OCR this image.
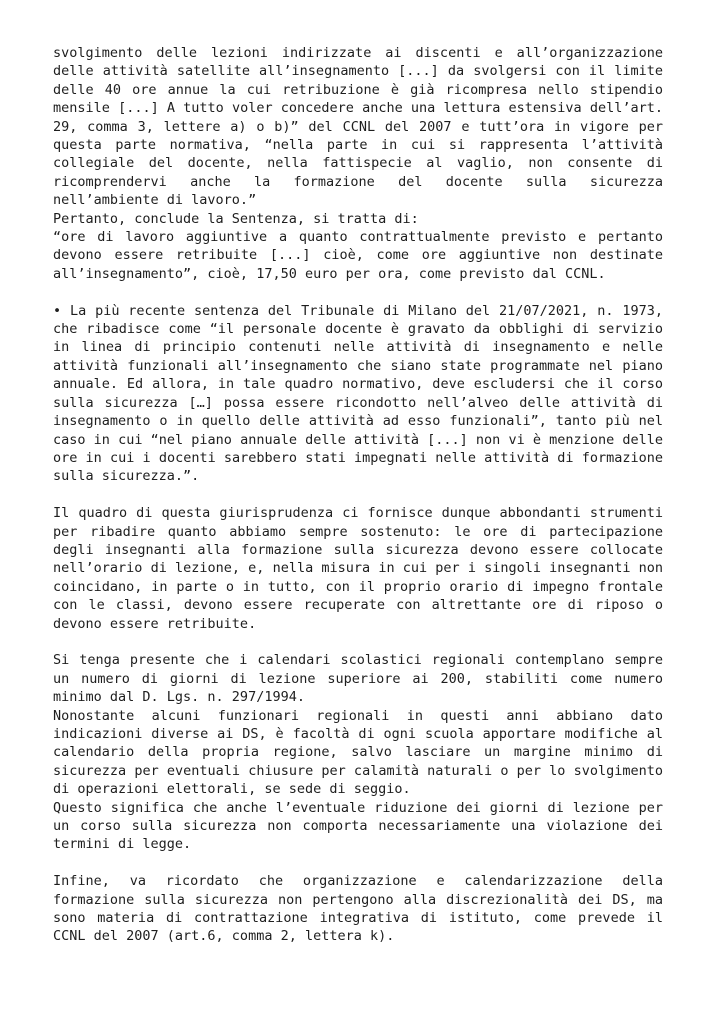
svolgimento delle lezioni indirizzate ai discenti e all’organizzazione delle attività satellite all’insegnamento [...] da svolgersi con il limite delle 40 ore annue la cui retribuzione è già ricompresa nello stipendio mensile [...] A tutto voler concedere anche una lettura estensiva dell’art. 29, comma 3, lettere a) o b)” del CCNL del 2007 e tutt’ora in vigore per questa parte normativa, “nella parte in cui si rappresenta l’attività collegiale del docente, nella fattispecie al vaglio, non consente di ricomprendervi anche la formazione del docente sulla sicurezza nell’ambiente di lavoro.”

Pertanto, conclude la Sentenza, si tratta di:

“ore di lavoro aggiuntive a quanto contrattualmente previsto e pertanto devono essere retribuite [...] cioè, come ore aggiuntive non destinate all’insegnamento”, cioè, 17,50 euro per ora, come previsto dal CCNL.

• La più recente sentenza del Tribunale di Milano del 21/07/2021, n. 1973, che ribadisce come “il personale docente è gravato da obblighi di servizio in linea di principio contenuti nelle attività di insegnamento e nelle attività funzionali all’insegnamento che siano state programmate nel piano annuale. Ed allora, in tale quadro normativo, deve escludersi che il corso sulla sicurezza […] possa essere ricondotto nell’alveo delle attività di insegnamento o in quello delle attività ad esso funzionali”, tanto più nel caso in cui “nel piano annuale delle attività [...] non vi è menzione delle ore in cui i docenti sarebbero stati impegnati nelle attività di formazione sulla sicurezza.”.

Il quadro di questa giurisprudenza ci fornisce dunque abbondanti strumenti per ribadire quanto abbiamo sempre sostenuto: le ore di partecipazione degli insegnanti alla formazione sulla sicurezza devono essere collocate nell’orario di lezione, e, nella misura in cui per i singoli insegnanti non coincidano, in parte o in tutto, con il proprio orario di impegno frontale con le classi, devono essere recuperate con altrettante ore di riposo o devono essere retribuite.

Si tenga presente che i calendari scolastici regionali contemplano sempre un numero di giorni di lezione superiore ai 200, stabiliti come numero minimo dal D. Lgs. n. 297/1994.

Nonostante alcuni funzionari regionali in questi anni abbiano dato indicazioni diverse ai DS, è facoltà di ogni scuola apportare modifiche al calendario della propria regione, salvo lasciare un margine minimo di sicurezza per eventuali chiusure per calamità naturali o per lo svolgimento di operazioni elettorali, se sede di seggio.

Questo significa che anche l’eventuale riduzione dei giorni di lezione per un corso sulla sicurezza non comporta necessariamente una violazione dei termini di legge.

Infine, va ricordato che organizzazione e calendarizzazione della formazione sulla sicurezza non pertengono alla discrezionalità dei DS, ma sono materia di contrattazione integrativa di istituto, come prevede il CCNL del 2007 (art.6, comma 2, lettera k).
